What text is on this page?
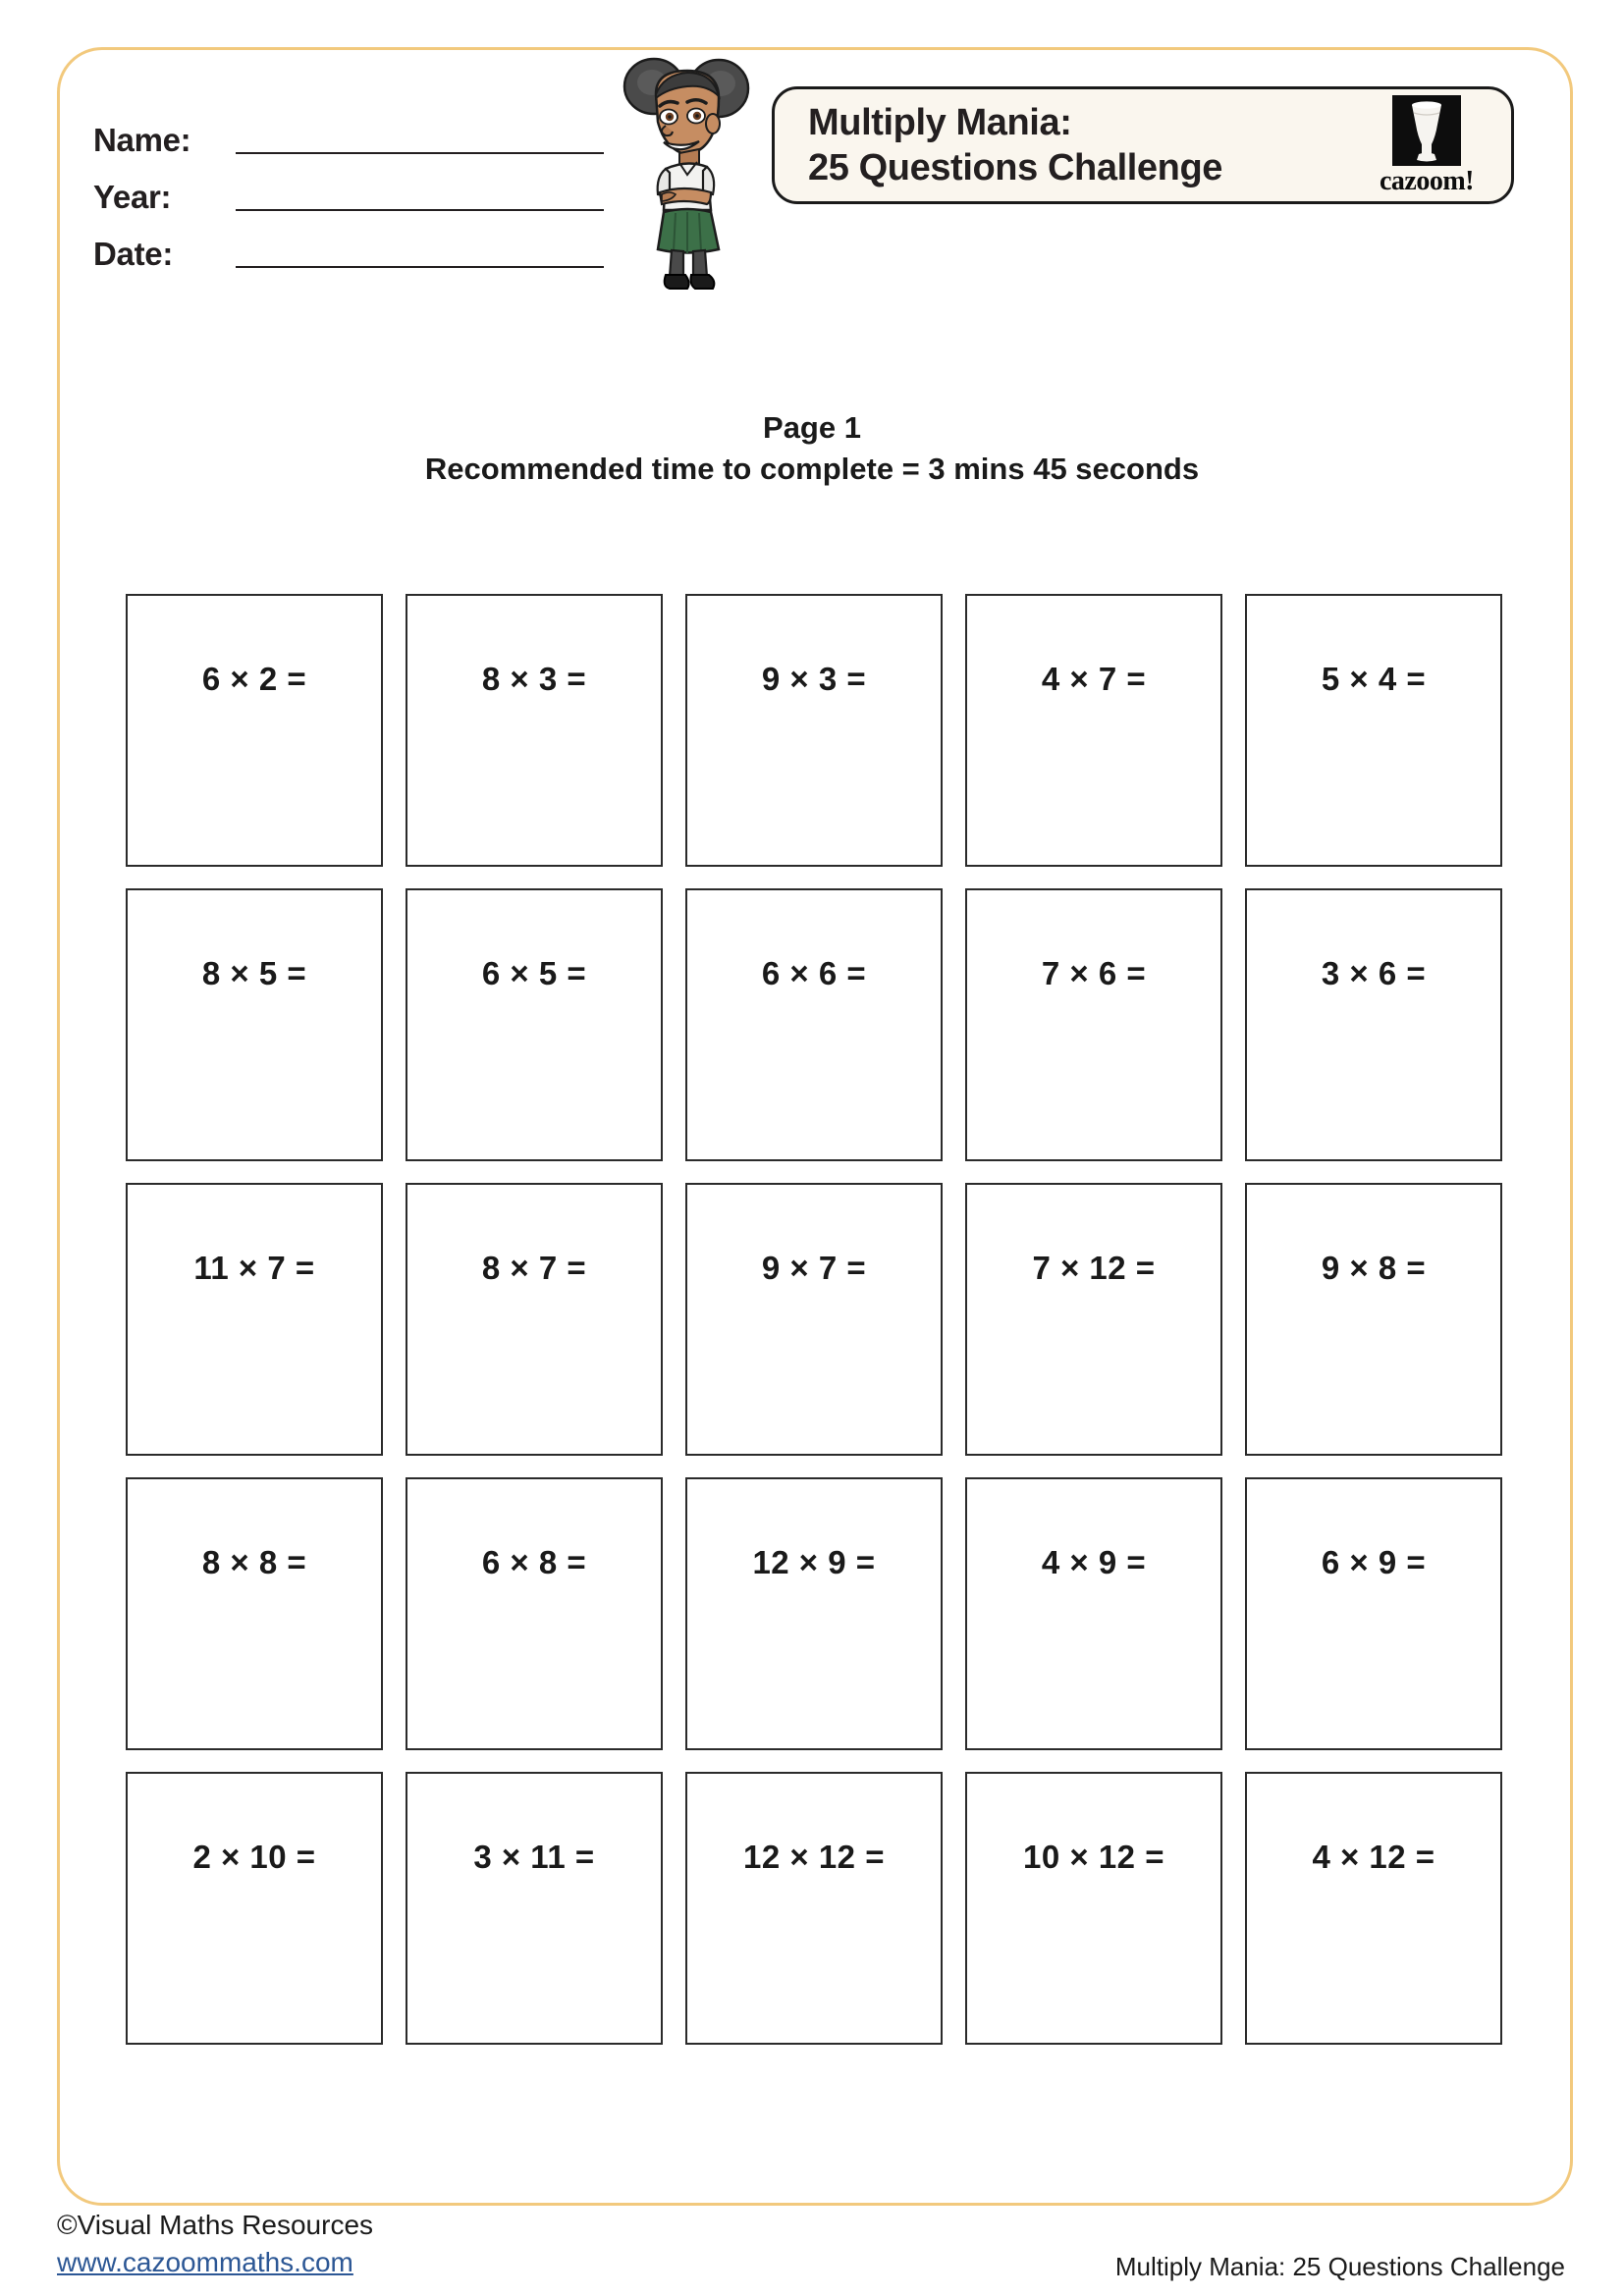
Name:
Year:
Date:
Multiply Mania:
25 Questions Challenge	cazoom!
Page 1
Recommended time to complete = 3 mins 45 seconds
6 × 2 =	8 × 3 =	9 × 3 =	4 × 7 =	5 × 4 =
8 × 5 =	6 × 5 =	6 × 6 =	7 × 6 =	3 × 6 =
11 × 7 =	8 × 7 =	9 × 7 =	7 × 12 =	9 × 8 =
8 × 8 =	6 × 8 =	12 × 9 =	4 × 9 =	6 × 9 =
2 × 10 =	3 × 11 =	12 × 12 =	10 × 12 =	4 × 12 =
©Visual Maths Resources
www.cazoommaths.com	Multiply Mania: 25 Questions Challenge
